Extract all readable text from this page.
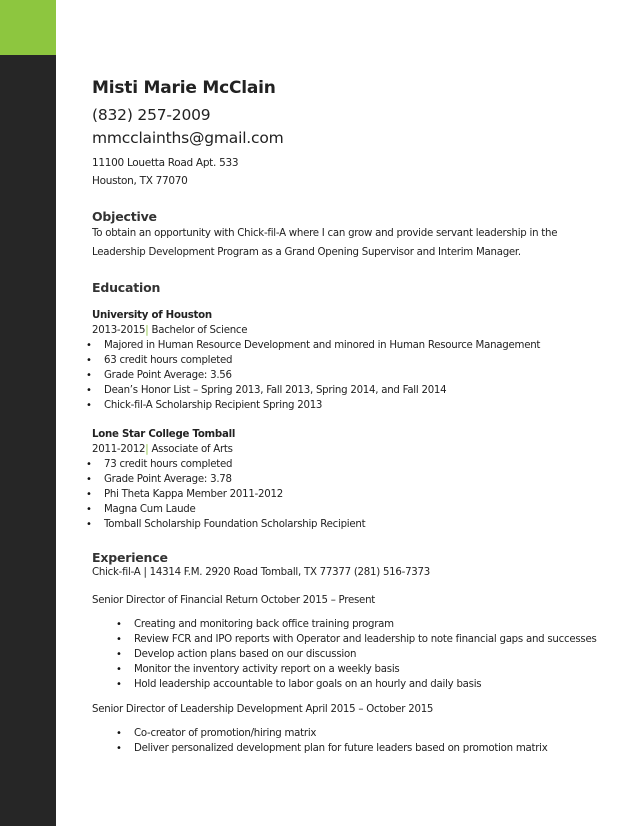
Misti Marie McClain

(832) 257-2009

mmcclainths@gmail.com

11100 Louetta Road Apt. 533

Houston, TX 77070

Objective

To obtain an opportunity with Chick-fil-A where I can grow and provide servant leadership in the Leadership Development Program as a Grand Opening Supervisor and Interim Manager.

Education

University of Houston

2013-2015| Bachelor of Science

• Majored in Human Resource Development and minored in Human Resource Management
• 63 credit hours completed
• Grade Point Average: 3.56
• Dean’s Honor List – Spring 2013, Fall 2013, Spring 2014, and Fall 2014
• Chick-fil-A Scholarship Recipient Spring 2013

Lone Star College Tomball

2011-2012| Associate of Arts

• 73 credit hours completed
• Grade Point Average: 3.78
• Phi Theta Kappa Member 2011-2012
• Magna Cum Laude
• Tomball Scholarship Foundation Scholarship Recipient

Experience

Chick-fil-A | 14314 F.M. 2920 Road Tomball, TX 77377 (281) 516-7373

Senior Director of Financial Return October 2015 – Present

• Creating and monitoring back office training program
• Review FCR and IPO reports with Operator and leadership to note financial gaps and successes
• Develop action plans based on our discussion
• Monitor the inventory activity report on a weekly basis
• Hold leadership accountable to labor goals on an hourly and daily basis

Senior Director of Leadership Development April 2015 – October 2015

• Co-creator of promotion/hiring matrix
• Deliver personalized development plan for future leaders based on promotion matrix
